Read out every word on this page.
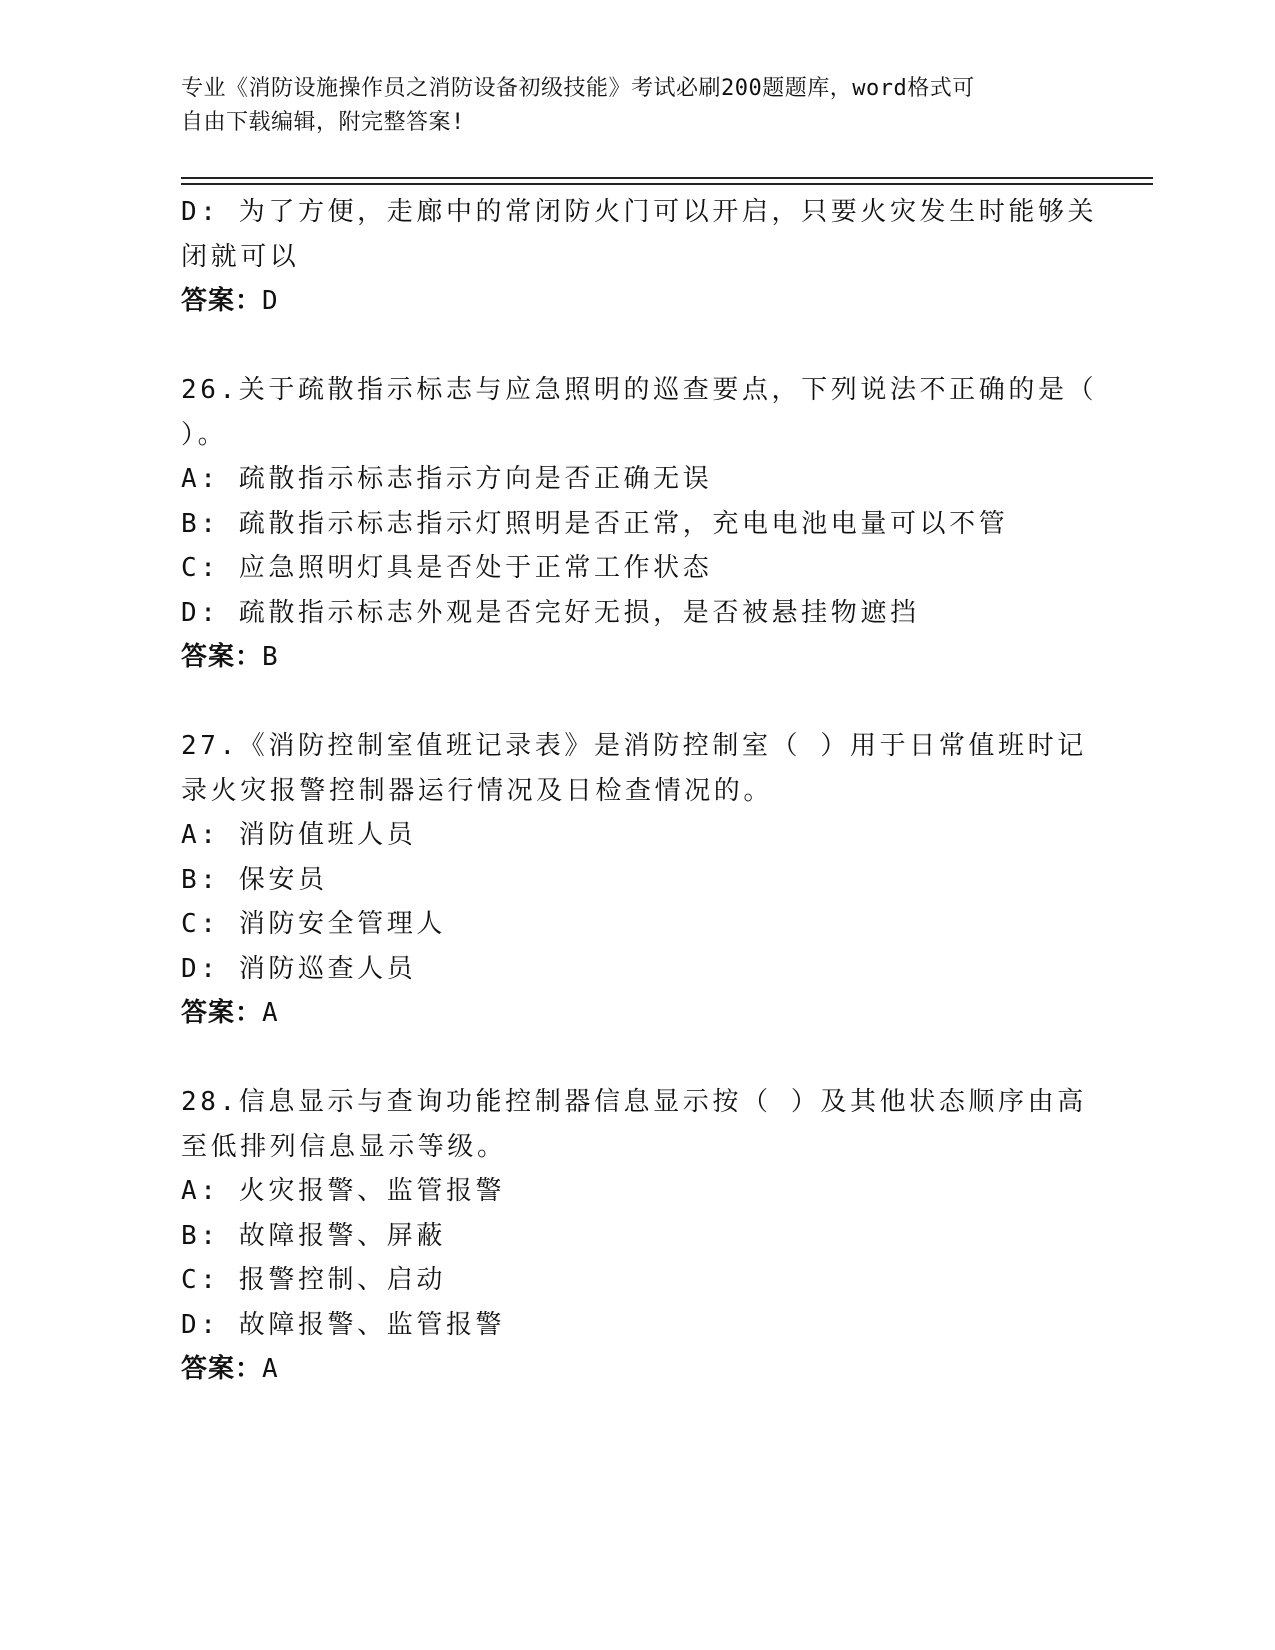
专业《消防设施操作员之消防设备初级技能》考试必刷200题题库，word格式可
自由下载编辑，附完整答案!
D: 为了方便，走廊中的常闭防火门可以开启，只要火灾发生时能够关
闭就可以
答案：D
26.关于疏散指示标志与应急照明的巡查要点，下列说法不正确的是（
）。
A: 疏散指示标志指示方向是否正确无误
B: 疏散指示标志指示灯照明是否正常，充电电池电量可以不管
C: 应急照明灯具是否处于正常工作状态
D: 疏散指示标志外观是否完好无损，是否被悬挂物遮挡
答案：B
27.《消防控制室值班记录表》是消防控制室（ ）用于日常值班时记
录火灾报警控制器运行情况及日检查情况的。
A: 消防值班人员
B: 保安员
C: 消防安全管理人
D: 消防巡查人员
答案：A
28.信息显示与查询功能控制器信息显示按（ ）及其他状态顺序由高
至低排列信息显示等级。
A: 火灾报警、监管报警
B: 故障报警、屏蔽
C: 报警控制、启动
D: 故障报警、监管报警
答案：A
